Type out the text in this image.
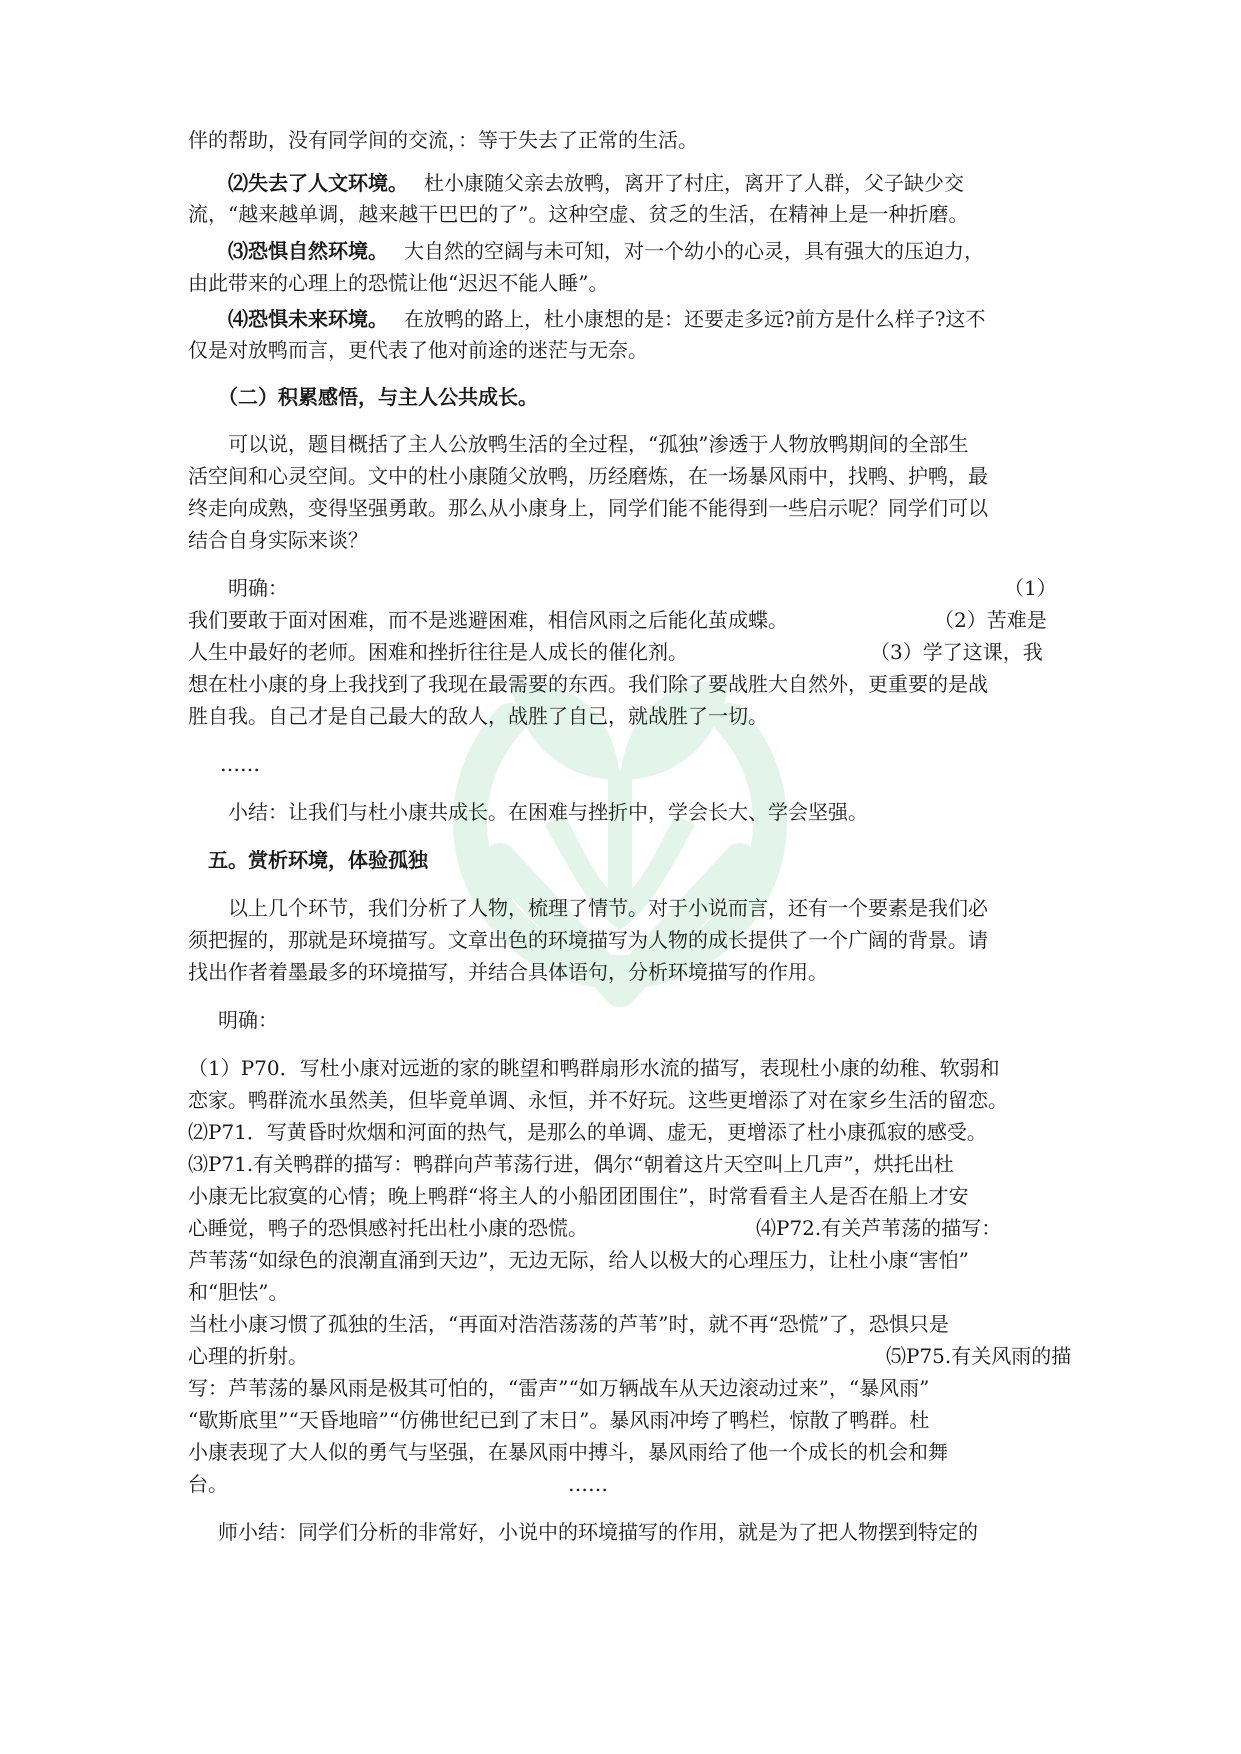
伴的帮助，没有同学间的交流，：等于失去了正常的生活。
⑵失去了人文环境。 杜小康随父亲去放鸭，离开了村庄，离开了人群，父子缺少交
流，“越来越单调，越来越干巴巴的了”。这种空虚、贫乏的生活，在精神上是一种折磨。
⑶恐惧自然环境。 大自然的空阔与未可知，对一个幼小的心灵，具有强大的压迫力，
由此带来的心理上的恐慌让他“迟迟不能人睡”。
⑷恐惧未来环境。 在放鸭的路上，杜小康想的是：还要走多远?前方是什么样子?这不
仅是对放鸭而言，更代表了他对前途的迷茫与无奈。
（二）积累感悟，与主人公共成长。
可以说，题目概括了主人公放鸭生活的全过程，“孤独”渗透于人物放鸭期间的全部生
活空间和心灵空间。文中的杜小康随父放鸭，历经磨炼，在一场暴风雨中，找鸭、护鸭，最
终走向成熟，变得坚强勇敢。那么从小康身上，同学们能不能得到一些启示呢？同学们可以
结合自身实际来谈？
明确：	（1）
我们要敢于面对困难，而不是逃避困难，相信风雨之后能化茧成蝶。	（2）苦难是
人生中最好的老师。困难和挫折往往是人成长的催化剂。	（3）学了这课，我
想在杜小康的身上我找到了我现在最需要的东西。我们除了要战胜大自然外，更重要的是战
胜自我。自己才是自己最大的敌人，战胜了自己，就战胜了一切。
……
小结：让我们与杜小康共成长。在困难与挫折中，学会长大、学会坚强。
五。赏析环境，体验孤独
以上几个环节，我们分析了人物，梳理了情节。对于小说而言，还有一个要素是我们必
须把握的，那就是环境描写。文章出色的环境描写为人物的成长提供了一个广阔的背景。请
找出作者着墨最多的环境描写，并结合具体语句，分析环境描写的作用。
明确：
（1）P70．写杜小康对远逝的家的眺望和鸭群扇形水流的描写，表现杜小康的幼稚、软弱和
恋家。鸭群流水虽然美，但毕竟单调、永恒，并不好玩。这些更增添了对在家乡生活的留恋。
⑵P71．写黄昏时炊烟和河面的热气，是那么的单调、虚无，更增添了杜小康孤寂的感受。
⑶P71.有关鸭群的描写：鸭群向芦苇荡行进，偶尔“朝着这片天空叫上几声”，烘托出杜
小康无比寂寞的心情；晚上鸭群“将主人的小船团团围住”，时常看看主人是否在船上才安
心睡觉，鸭子的恐惧感衬托出杜小康的恐慌。	⑷P72.有关芦苇荡的描写：
芦苇荡“如绿色的浪潮直涌到天边”，无边无际，给人以极大的心理压力，让杜小康“害怕”
和“胆怯”。
当杜小康习惯了孤独的生活，“再面对浩浩荡荡的芦苇”时，就不再“恐慌”了，恐惧只是
心理的折射。	⑸P75.有关风雨的描
写：芦苇荡的暴风雨是极其可怕的，“雷声”“如万辆战车从天边滚动过来”，“暴风雨”
“歇斯底里”“天昏地暗”“仿佛世纪已到了末日”。暴风雨冲垮了鸭栏，惊散了鸭群。杜
小康表现了大人似的勇气与坚强，在暴风雨中搏斗，暴风雨给了他一个成长的机会和舞
台。	……
师小结：同学们分析的非常好，小说中的环境描写的作用，就是为了把人物摆到特定的
